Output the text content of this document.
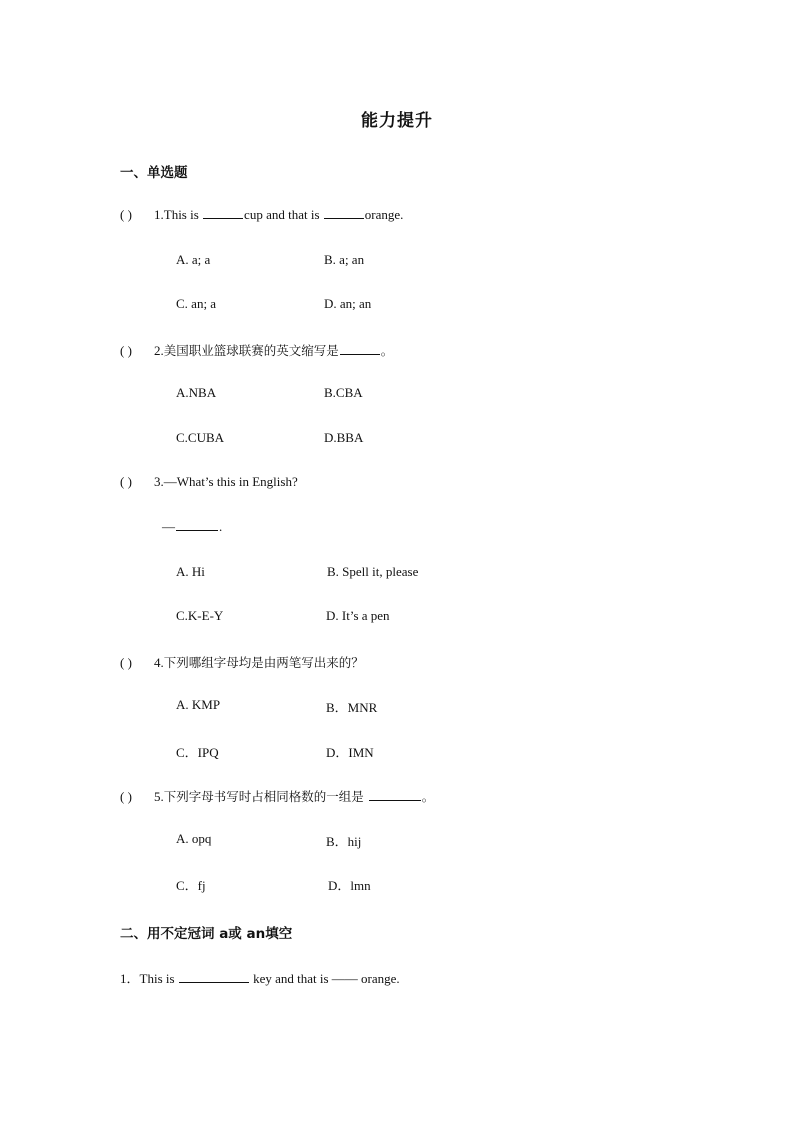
能力提升
一、单选题
( ) 1.This is	cup and that is	orange.
A. a; a	B. a; an
C. an; a	D. an; an
( ) 2.美国职业篮球联赛的英文缩写是	。
A.NBA	B.CBA
C.CUBA	D.BBA
( ) 3.—What’s this in English?
—	.
A. Hi	B. Spell it, please
C.K-E-Y	D. It’s a pen
( ) 4.下列哪组字母均是由两笔写出来的？
A. KMP	B．MNR
C．IPQ	D．IMN
( ) 5.下列字母书写时占相同格数的一组是	。
A. opq	B．hij
C．fj	D．lmn
二、用不定冠词 a或 an填空
1．This is	key and that is —— orange.
